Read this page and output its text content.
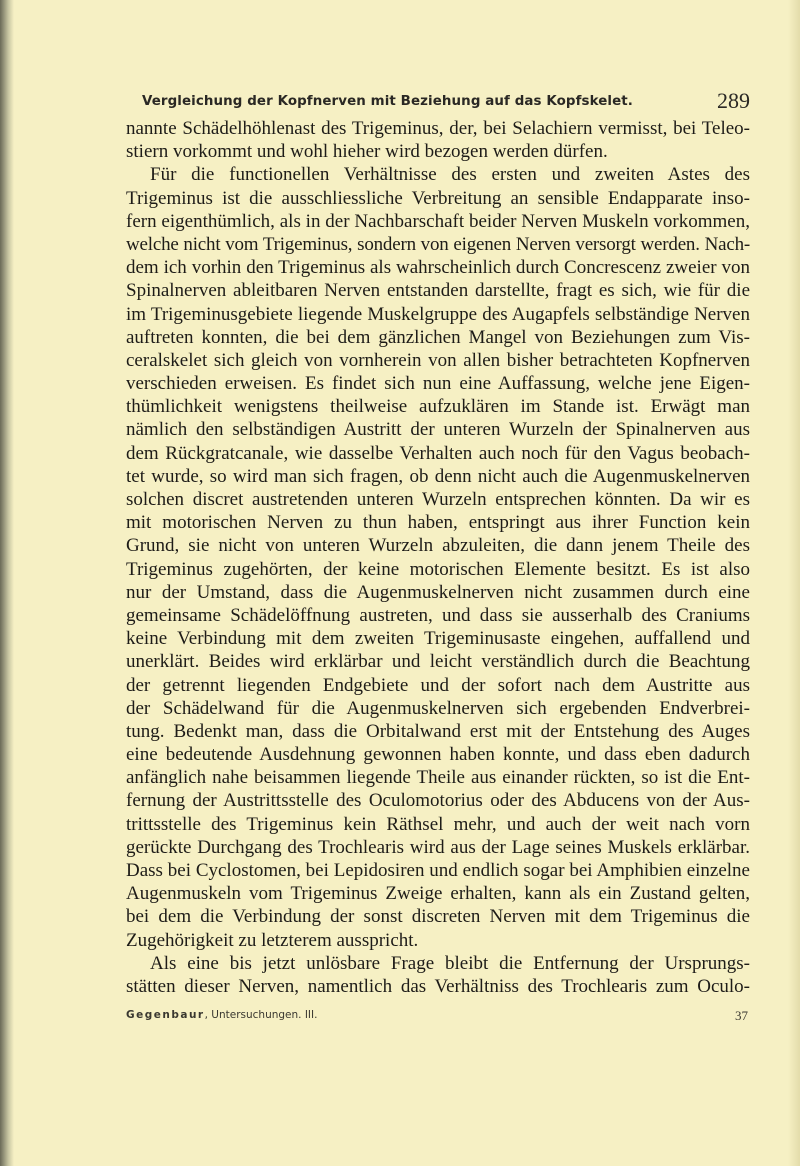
Vergleichung der Kopfnerven mit Beziehung auf das Kopfskelet.	289
nannte Schädelhöhlenast des Trigeminus, der, bei Selachiern vermisst, bei Teleo-
stiern vorkommt und wohl hieher wird bezogen werden dürfen.
Für die functionellen Verhältnisse des ersten und zweiten Astes des
Trigeminus ist die ausschliessliche Verbreitung an sensible Endapparate inso-
fern eigenthümlich, als in der Nachbarschaft beider Nerven Muskeln vorkommen,
welche nicht vom Trigeminus, sondern von eigenen Nerven versorgt werden. Nach-
dem ich vorhin den Trigeminus als wahrscheinlich durch Concrescenz zweier von
Spinalnerven ableitbaren Nerven entstanden darstellte, fragt es sich, wie für die
im Trigeminusgebiete liegende Muskelgruppe des Augapfels selbständige Nerven
auftreten konnten, die bei dem gänzlichen Mangel von Beziehungen zum Vis-
ceralskelet sich gleich von vornherein von allen bisher betrachteten Kopfnerven
verschieden erweisen. Es findet sich nun eine Auffassung, welche jene Eigen-
thümlichkeit wenigstens theilweise aufzuklären im Stande ist. Erwägt man
nämlich den selbständigen Austritt der unteren Wurzeln der Spinalnerven aus
dem Rückgratcanale, wie dasselbe Verhalten auch noch für den Vagus beobach-
tet wurde, so wird man sich fragen, ob denn nicht auch die Augenmuskelnerven
solchen discret austretenden unteren Wurzeln entsprechen könnten. Da wir es
mit motorischen Nerven zu thun haben, entspringt aus ihrer Function kein
Grund, sie nicht von unteren Wurzeln abzuleiten, die dann jenem Theile des
Trigeminus zugehörten, der keine motorischen Elemente besitzt. Es ist also
nur der Umstand, dass die Augenmuskelnerven nicht zusammen durch eine
gemeinsame Schädelöffnung austreten, und dass sie ausserhalb des Craniums
keine Verbindung mit dem zweiten Trigeminusaste eingehen, auffallend und
unerklärt. Beides wird erklärbar und leicht verständlich durch die Beachtung
der getrennt liegenden Endgebiete und der sofort nach dem Austritte aus
der Schädelwand für die Augenmuskelnerven sich ergebenden Endverbrei-
tung. Bedenkt man, dass die Orbitalwand erst mit der Entstehung des Auges
eine bedeutende Ausdehnung gewonnen haben konnte, und dass eben dadurch
anfänglich nahe beisammen liegende Theile aus einander rückten, so ist die Ent-
fernung der Austrittsstelle des Oculomotorius oder des Abducens von der Aus-
trittsstelle des Trigeminus kein Räthsel mehr, und auch der weit nach vorn
gerückte Durchgang des Trochlearis wird aus der Lage seines Muskels erklärbar.
Dass bei Cyclostomen, bei Lepidosiren und endlich sogar bei Amphibien einzelne
Augenmuskeln vom Trigeminus Zweige erhalten, kann als ein Zustand gelten,
bei dem die Verbindung der sonst discreten Nerven mit dem Trigeminus die
Zugehörigkeit zu letzterem ausspricht.
Als eine bis jetzt unlösbare Frage bleibt die Entfernung der Ursprungs-
stätten dieser Nerven, namentlich das Verhältniss des Trochlearis zum Oculo-
Gegenbaur, Untersuchungen. III.	37
